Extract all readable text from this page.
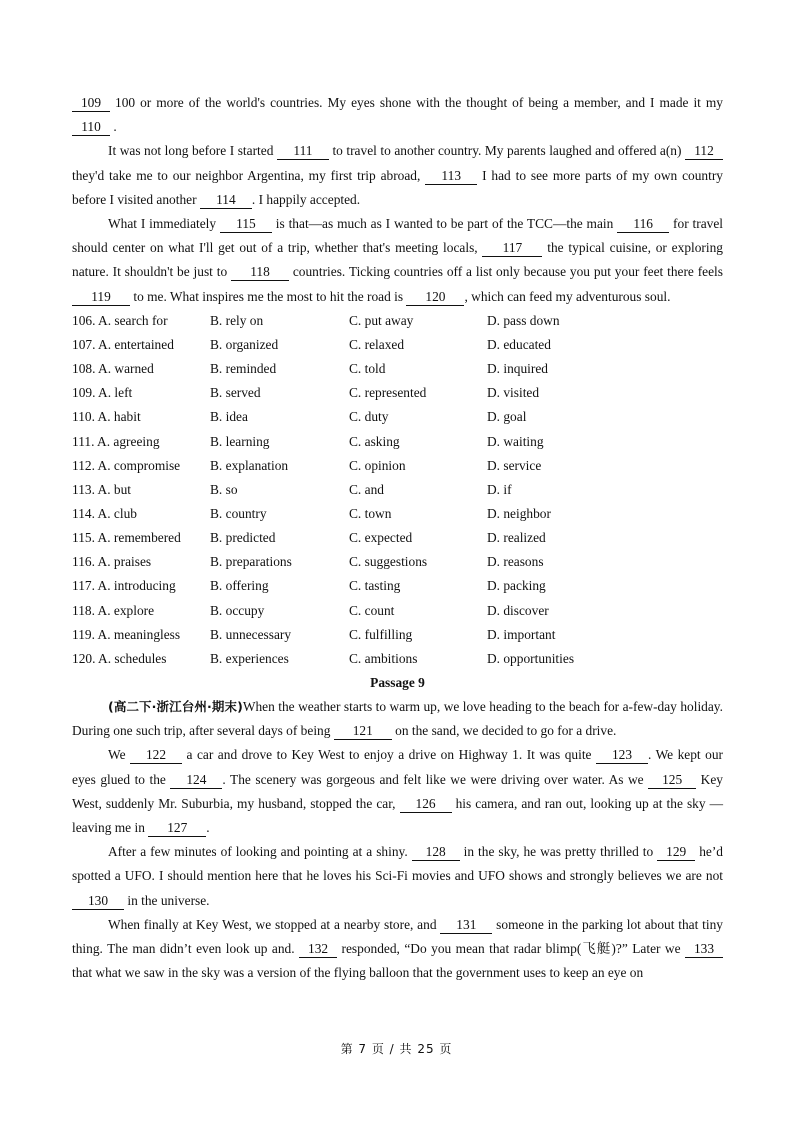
109 100 or more of the world's countries. My eyes shone with the thought of being a member, and I made it my 110 .

It was not long before I started 111 to travel to another country. My parents laughed and offered a(n) 112 they'd take me to our neighbor Argentina, my first trip abroad, 113 I had to see more parts of my own country before I visited another 114 . I happily accepted.

What I immediately 115 is that—as much as I wanted to be part of the TCC—the main 116 for travel should center on what I'll get out of a trip, whether that's meeting locals, 117 the typical cuisine, or exploring nature. It shouldn't be just to 118 countries. Ticking countries off a list only because you put your feet there feels 119 to me. What inspires me the most to hit the road is 120 , which can feed my adventurous soul.

106. A. search for	B. rely on	C. put away	D. pass down
107. A. entertained	B. organized	C. relaxed	D. educated
108. A. warned	B. reminded	C. told	D. inquired
109. A. left	B. served	C. represented	D. visited
110. A. habit	B. idea	C. duty	D. goal
111. A. agreeing	B. learning	C. asking	D. waiting
112. A. compromise	B. explanation	C. opinion	D. service
113. A. but	B. so	C. and	D. if
114. A. club	B. country	C. town	D. neighbor
115. A. remembered	B. predicted	C. expected	D. realized
116. A. praises	B. preparations	C. suggestions	D. reasons
117. A. introducing	B. offering	C. tasting	D. packing
118. A. explore	B. occupy	C. count	D. discover
119. A. meaningless	B. unnecessary	C. fulfilling	D. important
120. A. schedules	B. experiences	C. ambitions	D. opportunities

Passage 9

(高二下·浙江台州·期末)When the weather starts to warm up, we love heading to the beach for a-few-day holiday. During one such trip, after several days of being 121 on the sand, we decided to go for a drive.

We 122 a car and drove to Key West to enjoy a drive on Highway 1. It was quite 123 . We kept our eyes glued to the 124 . The scenery was gorgeous and felt like we were driving over water. As we 125 Key West, suddenly Mr. Suburbia, my husband, stopped the car, 126 his camera, and ran out, looking up at the sky — leaving me in 127 .

After a few minutes of looking and pointing at a shiny. 128 in the sky, he was pretty thrilled to 129 he’d spotted a UFO. I should mention here that he loves his Sci-Fi movies and UFO shows and strongly believes we are not 130 in the universe.

When finally at Key West, we stopped at a nearby store, and 131 someone in the parking lot about that tiny thing. The man didn’t even look up and. 132 responded, “Do you mean that radar blimp(飞艇)?” Later we 133 that what we saw in the sky was a version of the flying balloon that the government uses to keep an eye on

第 7 页 / 共 25 页
